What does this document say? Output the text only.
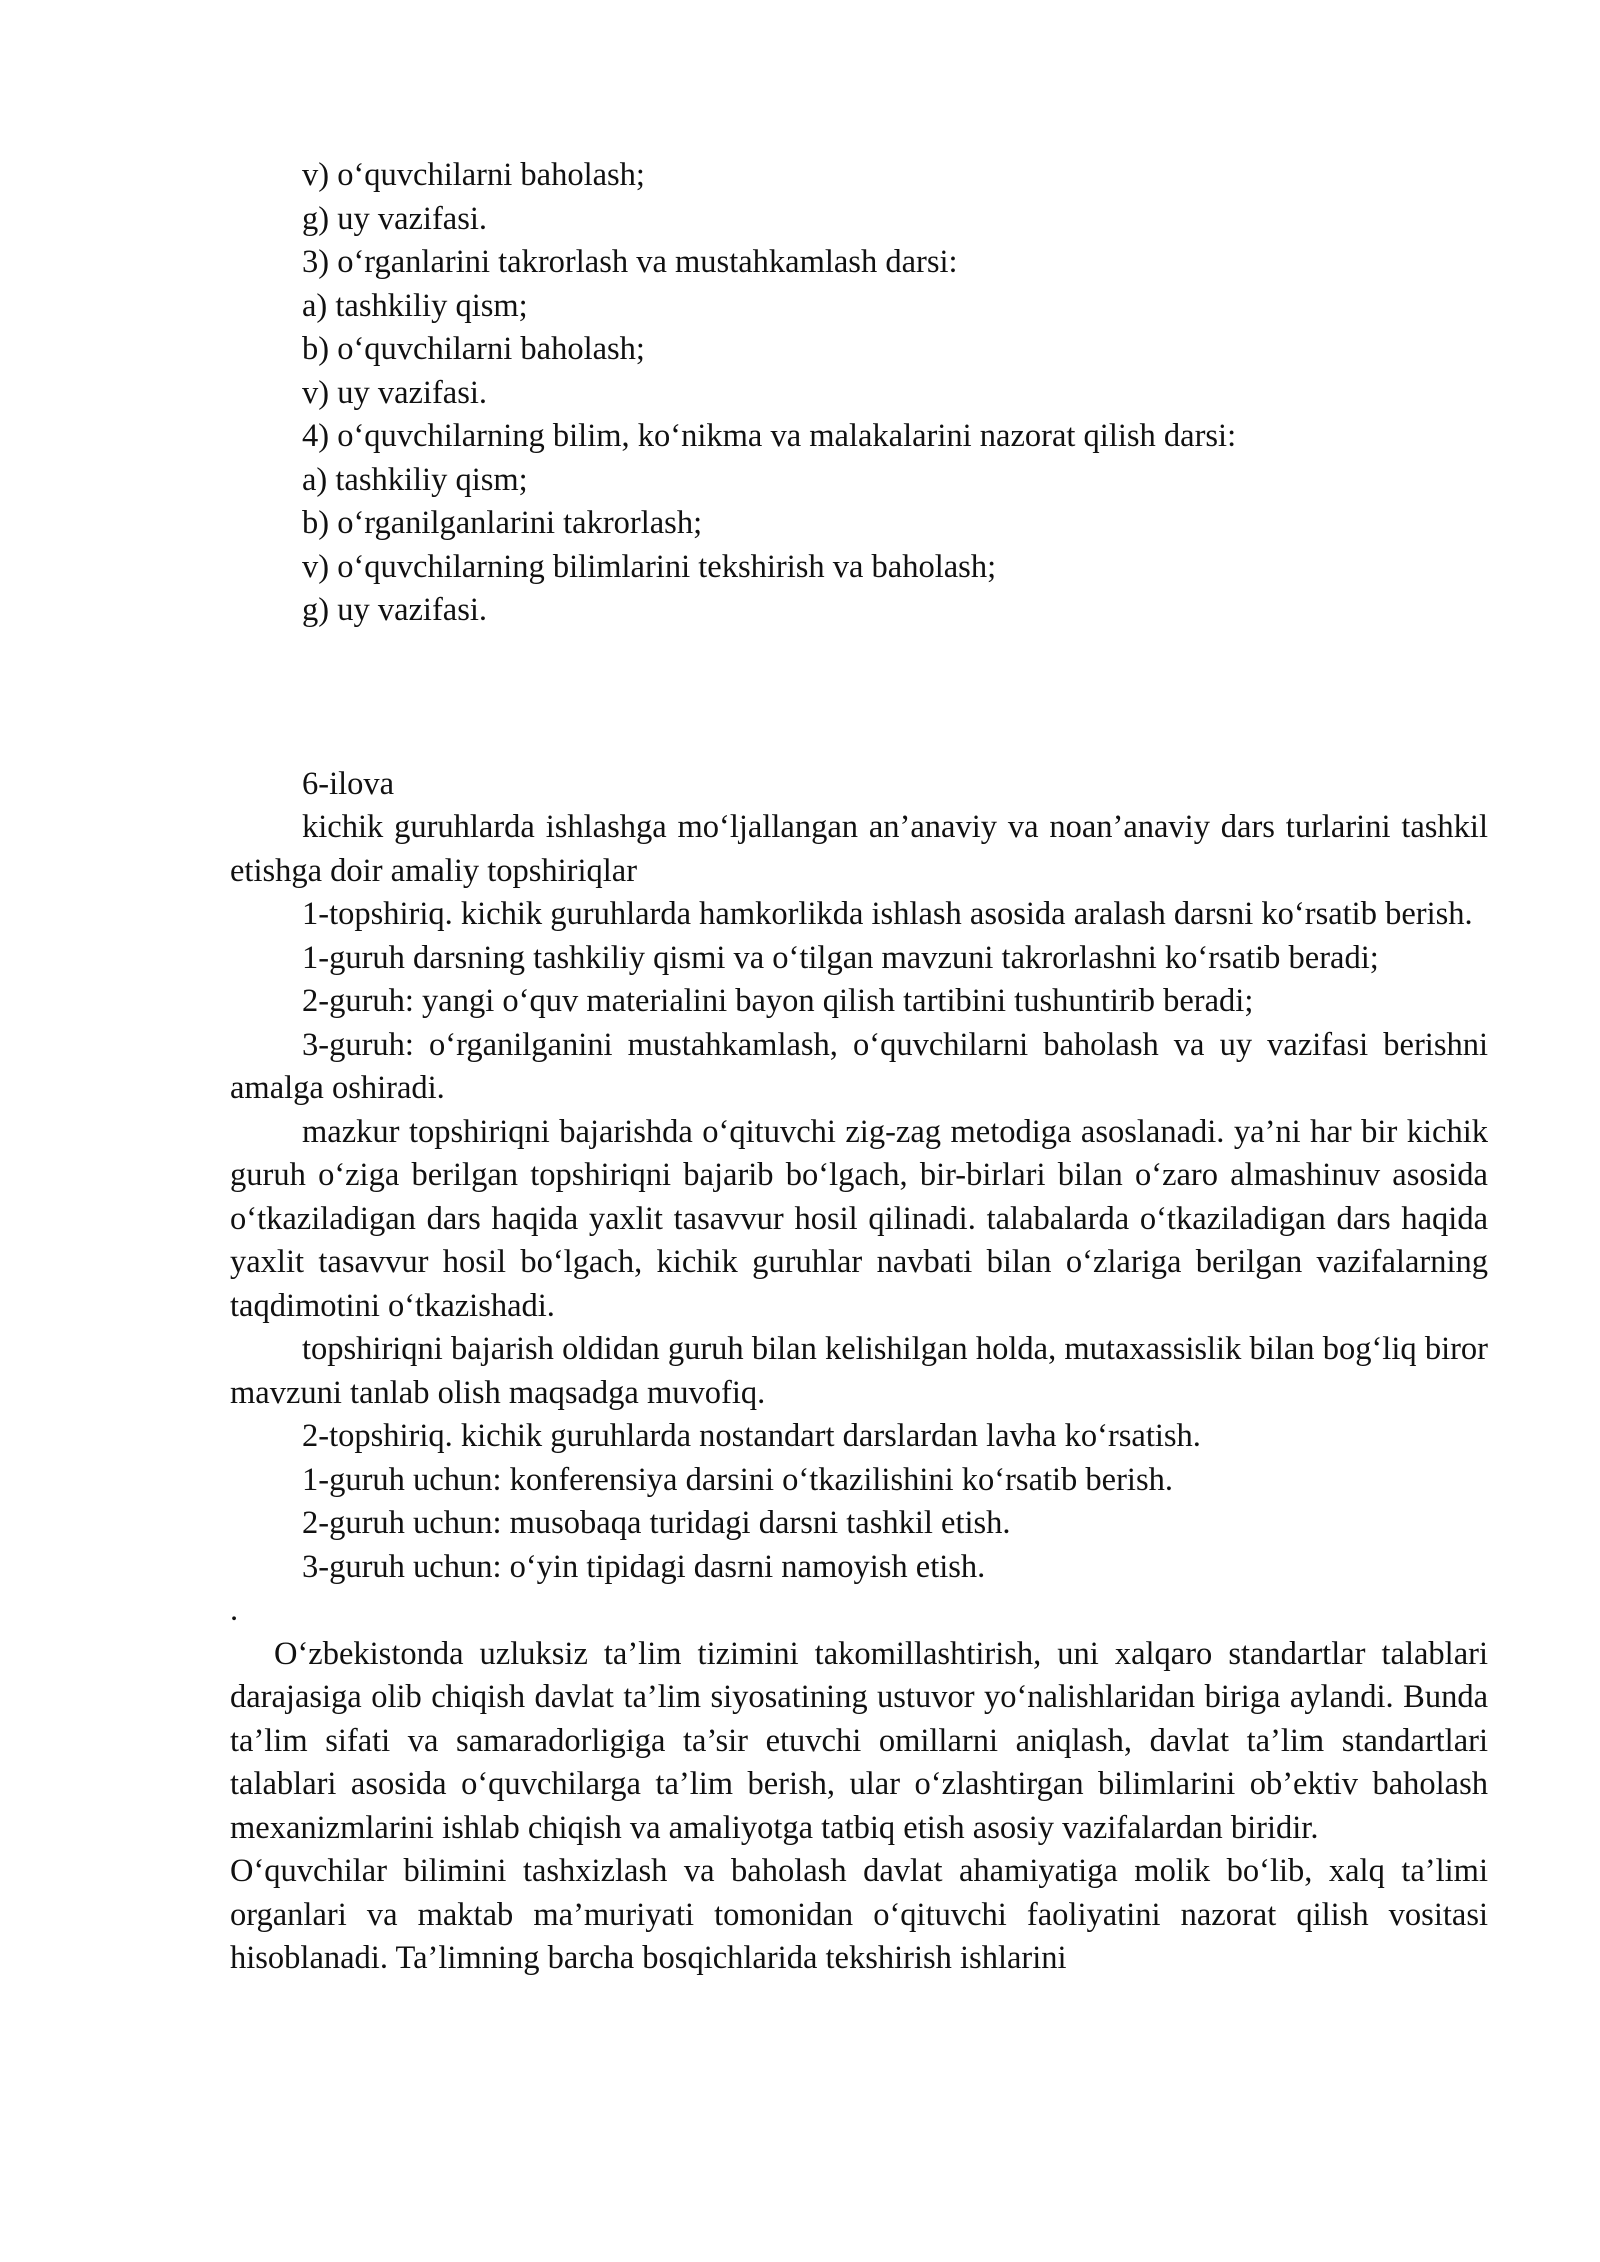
v) o‘quvchilarni baholash;
g) uy vazifasi.
3) o‘rganlarini takrorlash va mustahkamlash darsi:
a) tashkiliy qism;
b) o‘quvchilarni baholash;
v) uy vazifasi.
4) o‘quvchilarning bilim, ko‘nikma va malakalarini nazorat qilish darsi:
a) tashkiliy qism;
b) o‘rganilganlarini takrorlash;
v) o‘quvchilarning bilimlarini tekshirish va baholash;
g) uy vazifasi.
6-ilova
kichik guruhlarda ishlashga mo‘ljallangan an’anaviy va noan’anaviy dars turlarini tashkil etishga doir amaliy topshiriqlar
1-topshiriq. kichik guruhlarda hamkorlikda ishlash asosida aralash darsni ko‘rsatib berish.
1-guruh darsning tashkiliy qismi va o‘tilgan mavzuni takrorlashni ko‘rsatib beradi;
2-guruh: yangi o‘quv materialini bayon qilish tartibini tushuntirib beradi;
3-guruh: o‘rganilganini mustahkamlash, o‘quvchilarni baholash va uy vazifasi berishni amalga oshiradi.
mazkur topshiriqni bajarishda o‘qituvchi zig-zag metodiga asoslanadi. ya’ni har bir kichik guruh o‘ziga berilgan topshiriqni bajarib bo‘lgach, bir-birlari bilan o‘zaro almashinuv asosida o‘tkaziladigan dars haqida yaxlit tasavvur hosil qilinadi. talabalarda o‘tkaziladigan dars haqida yaxlit tasavvur hosil bo‘lgach, kichik guruhlar navbati bilan o‘zlariga berilgan vazifalarning taqdimotini o‘tkazishadi.
topshiriqni bajarish oldidan guruh bilan kelishilgan holda, mutaxassislik bilan bog‘liq biror mavzuni tanlab olish maqsadga muvofiq.
2-topshiriq. kichik guruhlarda nostandart darslardan lavha ko‘rsatish.
1-guruh uchun: konferensiya darsini o‘tkazilishini ko‘rsatib berish.
2-guruh uchun: musobaqa turidagi darsni tashkil etish.
3-guruh uchun: o‘yin tipidagi dasrni namoyish etish.
.
O‘zbekistonda uzluksiz ta’lim tizimini takomillashtirish, uni xalqaro standartlar talablari darajasiga olib chiqish davlat ta’lim siyosatining ustuvor yo‘nalishlaridan biriga aylandi. Bunda ta’lim sifati va samaradorligiga ta’sir etuvchi omillarni aniqlash, davlat ta’lim standartlari talablari asosida o‘quvchilarga ta’lim berish, ular o‘zlashtirgan bilimlarini ob’ektiv baholash mexanizmlarini ishlab chiqish va amaliyotga tatbiq etish asosiy vazifalardan biridir.
O‘quvchilar bilimini tashxizlash va baholash davlat ahamiyatiga molik bo‘lib, xalq ta’limi organlari va maktab ma’muriyati tomonidan o‘qituvchi faoliyatini nazorat qilish vositasi hisoblanadi. Ta’limning barcha bosqichlarida tekshirish ishlarini
